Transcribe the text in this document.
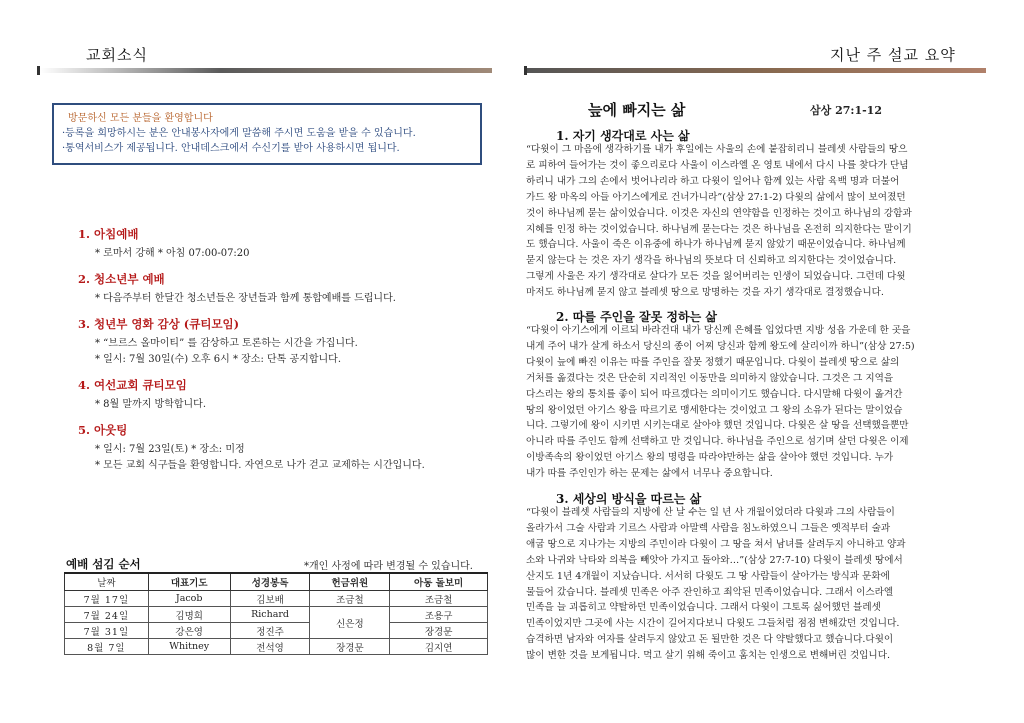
교회소식
방문하신 모든 분들을 환영합니다
·등록을 희망하시는 분은 안내봉사자에게 말씀해 주시면 도움을 받을 수 있습니다.
·통역서비스가 제공됩니다. 안내데스크에서 수신기를 받아 사용하시면 됩니다.
1. 아침예배
* 로마서 강해 * 아침 07:00-07:20
2. 청소년부 예배
* 다음주부터 한달간 청소년들은 장년들과 함께 통합예배를 드립니다.
3. 청년부 영화 감상 (큐티모임)
* “브르스 올마이티” 를 감상하고 토론하는 시간을 가집니다.
* 일시: 7월 30일(수) 오후 6시 * 장소: 단톡 공지합니다.
4. 여선교회 큐티모임
* 8월 말까지 방학합니다.
5. 아웃팅
* 일시: 7월 23일(토) * 장소: 미정
* 모든 교회 식구들을 환영합니다. 자연으로 나가 걷고 교제하는 시간입니다.
예배 섬김 순서	*개인 사정에 따라 변경될 수 있습니다.
날짜	대표기도	성경봉독	헌금위원	아동 돌보미
7월 17일	Jacob	김보배	조금철	조금철
7월 24일	김명희	Richard	신은정	조용구
7월 31일	강은영	정진주		장경문
8월 7일	Whitney	전석영	장경문	김지연
지난 주 설교 요약
늪에 빠지는 삶	삼상 27:1-12
1. 자기 생각대로 사는 삶
“다윗이 그 마음에 생각하기를 내가 후일에는 사울의 손에 붙잡히리니 블레셋 사람들의 땅으
로 피하여 들어가는 것이 좋으리로다 사울이 이스라엘 온 영토 내에서 다시 나를 찾다가 단념
하리니 내가 그의 손에서 벗어나리라 하고 다윗이 일어나 함께 있는 사람 육백 명과 더불어
가드 왕 마옥의 아들 아기스에게로 건너가니라”(삼상 27:1-2) 다윗의 삶에서 많이 보여졌던
것이 하나님께 묻는 삶이었습니다. 이것은 자신의 연약함을 인정하는 것이고 하나님의 강함과
지혜를 인정 하는 것이었습니다. 하나님께 묻는다는 것은 하나님을 온전히 의지한다는 말이기
도 했습니다. 사울이 죽은 이유중에 하나가 하나님께 묻지 않았기 때문이었습니다. 하나님께
묻지 않는다 는 것은 자기 생각을 하나님의 뜻보다 더 신뢰하고 의지한다는 것이었습니다.
그렇게 사울은 자기 생각대로 살다가 모든 것을 잃어버리는 인생이 되었습니다. 그런데 다윗
마저도 하나님께 묻지 않고 블레셋 땅으로 망명하는 것을 자기 생각대로 결정했습니다.
2. 따를 주인을 잘못 정하는 삶
“다윗이 아기스에게 이르되 바라건대 내가 당신께 은혜를 입었다면 지방 성읍 가운데 한 곳을
내게 주어 내가 살게 하소서 당신의 종이 어찌 당신과 함께 왕도에 살리이까 하니”(삼상 27:5)
다윗이 늪에 빠진 이유는 따를 주인을 잘못 정했기 때문입니다. 다윗이 블레셋 땅으로 삶의
거처를 옮겼다는 것은 단순히 지리적인 이동만을 의미하지 않았습니다. 그것은 그 지역을
다스리는 왕의 통치를 좋이 되어 따르겠다는 의미이기도 했습니다. 다시말해 다윗이 옮겨간
땅의 왕이었던 아기스 왕을 따르기로 맹세한다는 것이었고 그 왕의 소유가 된다는 말이었습
니다. 그렇기에 왕이 시키면 시키는대로 살아야 했던 것입니다. 다윗은 살 땅을 선택했을뿐만
아니라 따를 주인도 함께 선택하고 만 것입니다. 하나님을 주인으로 섬기며 살던 다윗은 이제
이방족속의 왕이었던 아기스 왕의 명령을 따라야만하는 삶을 살아야 했던 것입니다. 누가
내가 따를 주인인가 하는 문제는 삶에서 너무나 중요합니다.
3. 세상의 방식을 따르는 삶
“다윗이 블레셋 사람들의 지방에 산 날 수는 일 년 사 개월이었더라 다윗과 그의 사람들이
올라가서 그술 사람과 기르스 사람과 아말렉 사람을 침노하였으니 그들은 옛적부터 술과
애굽 땅으로 지나가는 지방의 주민이라 다윗이 그 땅을 쳐서 남녀를 살려두지 아니하고 양과
소와 나귀와 낙타와 의복을 빼앗아 가지고 돌아와…”(삼상 27:7-10) 다윗이 블레셋 땅에서
산지도 1년 4개월이 지났습니다. 서서히 다윗도 그 땅 사람들이 살아가는 방식과 문화에
물들어 갔습니다. 블레셋 민족은 아주 잔인하고 죄악된 민족이었습니다. 그래서 이스라엘
민족을 늘 괴롭히고 약탈하던 민족이었습니다. 그래서 다윗이 그토록 싫어했던 블레셋
민족이었지만 그곳에 사는 시간이 길어지다보니 다윗도 그들처럼 점점 변해갔던 것입니다.
습격하면 남자와 여자를 살려두지 않았고 돈 될만한 것은 다 약탈했다고 했습니다.다윗이
많이 변한 것을 보게됩니다. 먹고 살기 위해 죽이고 훔치는 인생으로 변해버린 것입니다.
